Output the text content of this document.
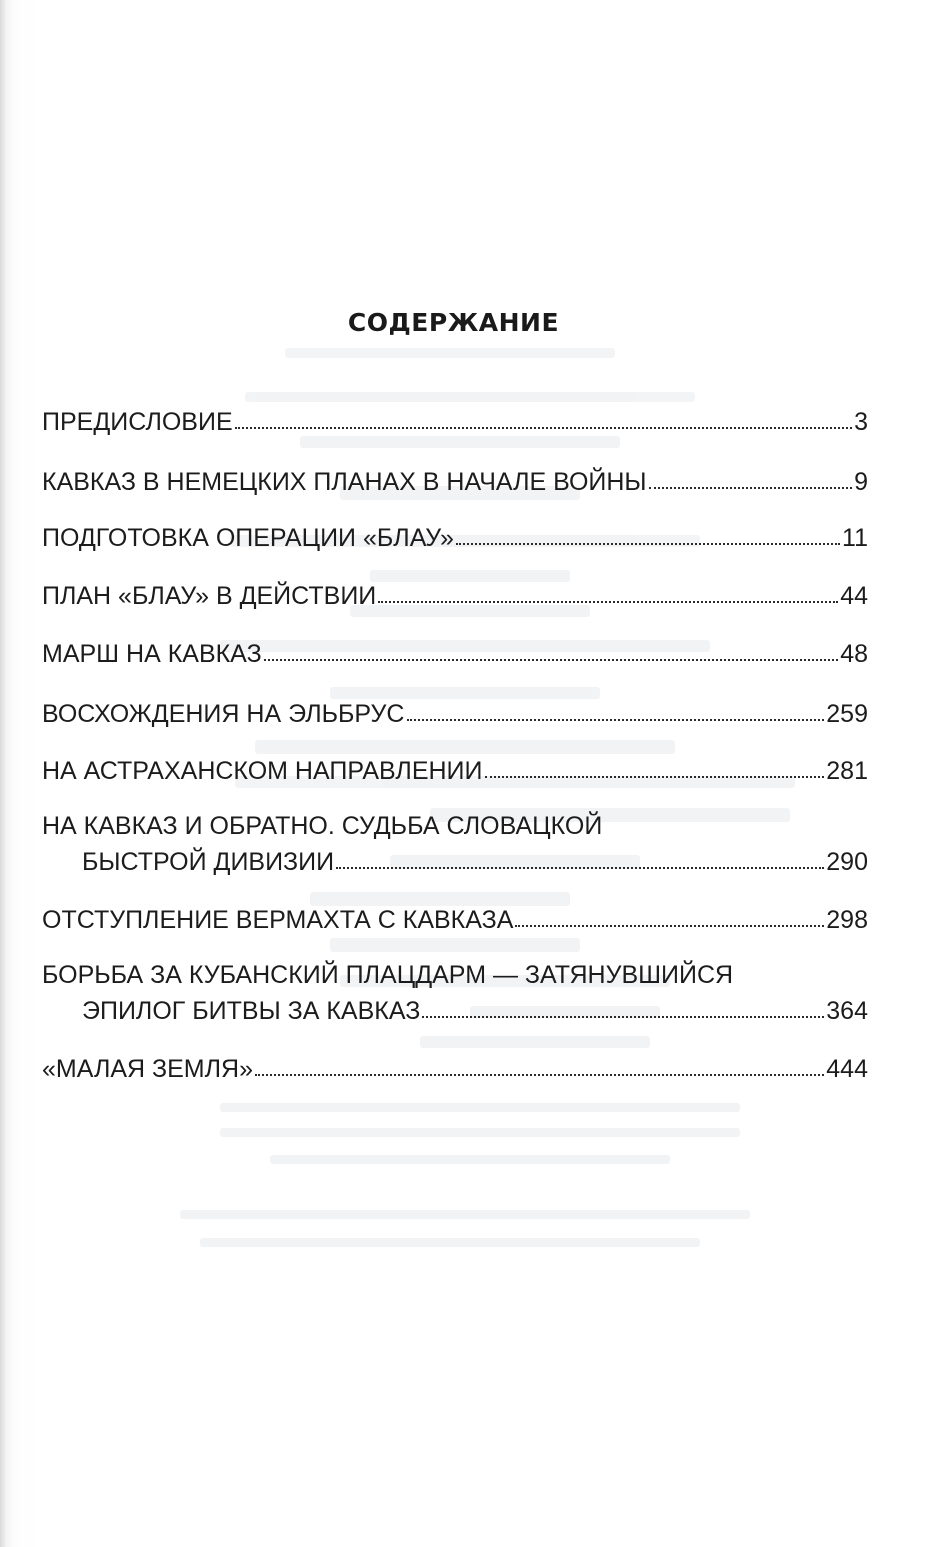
СОДЕРЖАНИЕ
ПРЕДИСЛОВИЕ	3
КАВКАЗ В НЕМЕЦКИХ ПЛАНАХ В НАЧАЛЕ ВОЙНЫ	9
ПОДГОТОВКА ОПЕРАЦИИ «БЛАУ»	11
ПЛАН «БЛАУ» В ДЕЙСТВИИ	44
МАРШ НА КАВКАЗ	48
ВОСХОЖДЕНИЯ НА ЭЛЬБРУС	259
НА АСТРАХАНСКОМ НАПРАВЛЕНИИ	281
НА КАВКАЗ И ОБРАТНО. СУДЬБА СЛОВАЦКОЙ
БЫСТРОЙ ДИВИЗИИ	290
ОТСТУПЛЕНИЕ ВЕРМАХТА С КАВКАЗА	298
БОРЬБА ЗА КУБАНСКИЙ ПЛАЦДАРМ — ЗАТЯНУВШИЙСЯ
ЭПИЛОГ БИТВЫ ЗА КАВКАЗ	364
«МАЛАЯ ЗЕМЛЯ»	444
